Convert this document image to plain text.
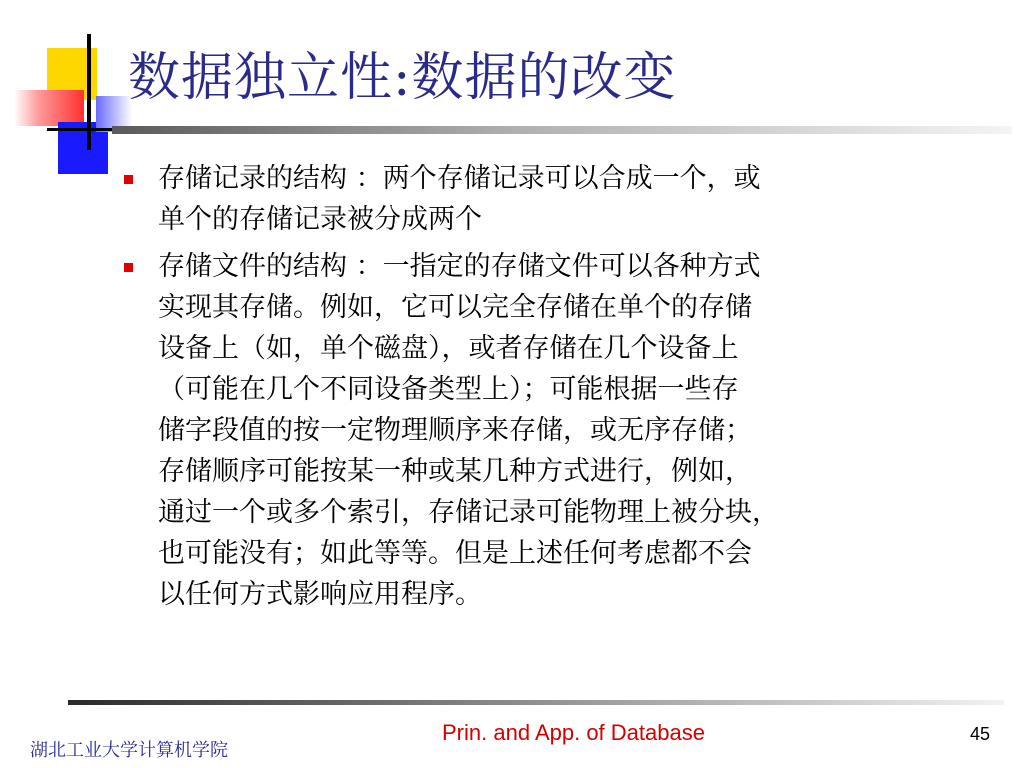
数据独立性:数据的改变
存储记录的结构 ：两个存储记录可以合成一个，或
单个的存储记录被分成两个
存储文件的结构 ：一指定的存储文件可以各种方式
实现其存储。例如，它可以完全存储在单个的存储
设备上（如，单个磁盘），或者存储在几个设备上
（可能在几个不同设备类型上）；可能根据一些存
储字段值的按一定物理顺序来存储，或无序存储；
存储顺序可能按某一种或某几种方式进行，例如，
通过一个或多个索引，存储记录可能物理上被分块，
也可能没有；如此等等。但是上述任何考虑都不会
以任何方式影响应用程序。
湖北工业大学计算机学院
Prin. and App. of Database	45
